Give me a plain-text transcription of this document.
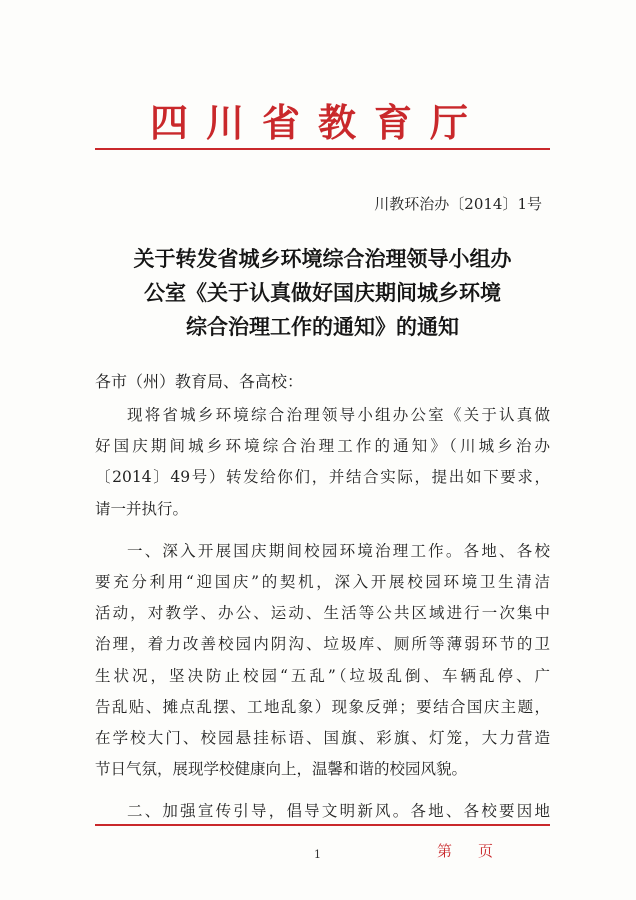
四川省教育厅
川教环治办〔2014〕1号
关于转发省城乡环境综合治理领导小组办
公室《关于认真做好国庆期间城乡环境
综合治理工作的通知》的通知
各市（州）教育局、各高校：
现将省城乡环境综合治理领导小组办公室《关于认真做
好国庆期间城乡环境综合治理工作的通知》（川城乡治办
〔2014〕49号）转发给你们，并结合实际，提出如下要求，
请一并执行。
一、深入开展国庆期间校园环境治理工作。各地、各校
要充分利用“迎国庆”的契机，深入开展校园环境卫生清洁
活动，对教学、办公、运动、生活等公共区域进行一次集中
治理，着力改善校园内阴沟、垃圾库、厕所等薄弱环节的卫
生状况，坚决防止校园“五乱”（垃圾乱倒、车辆乱停、广
告乱贴、摊点乱摆、工地乱象）现象反弹；要结合国庆主题，
在学校大门、校园悬挂标语、国旗、彩旗、灯笼，大力营造
节日气氛，展现学校健康向上，温馨和谐的校园风貌。
二、加强宣传引导，倡导文明新风。各地、各校要因地
1	第页
